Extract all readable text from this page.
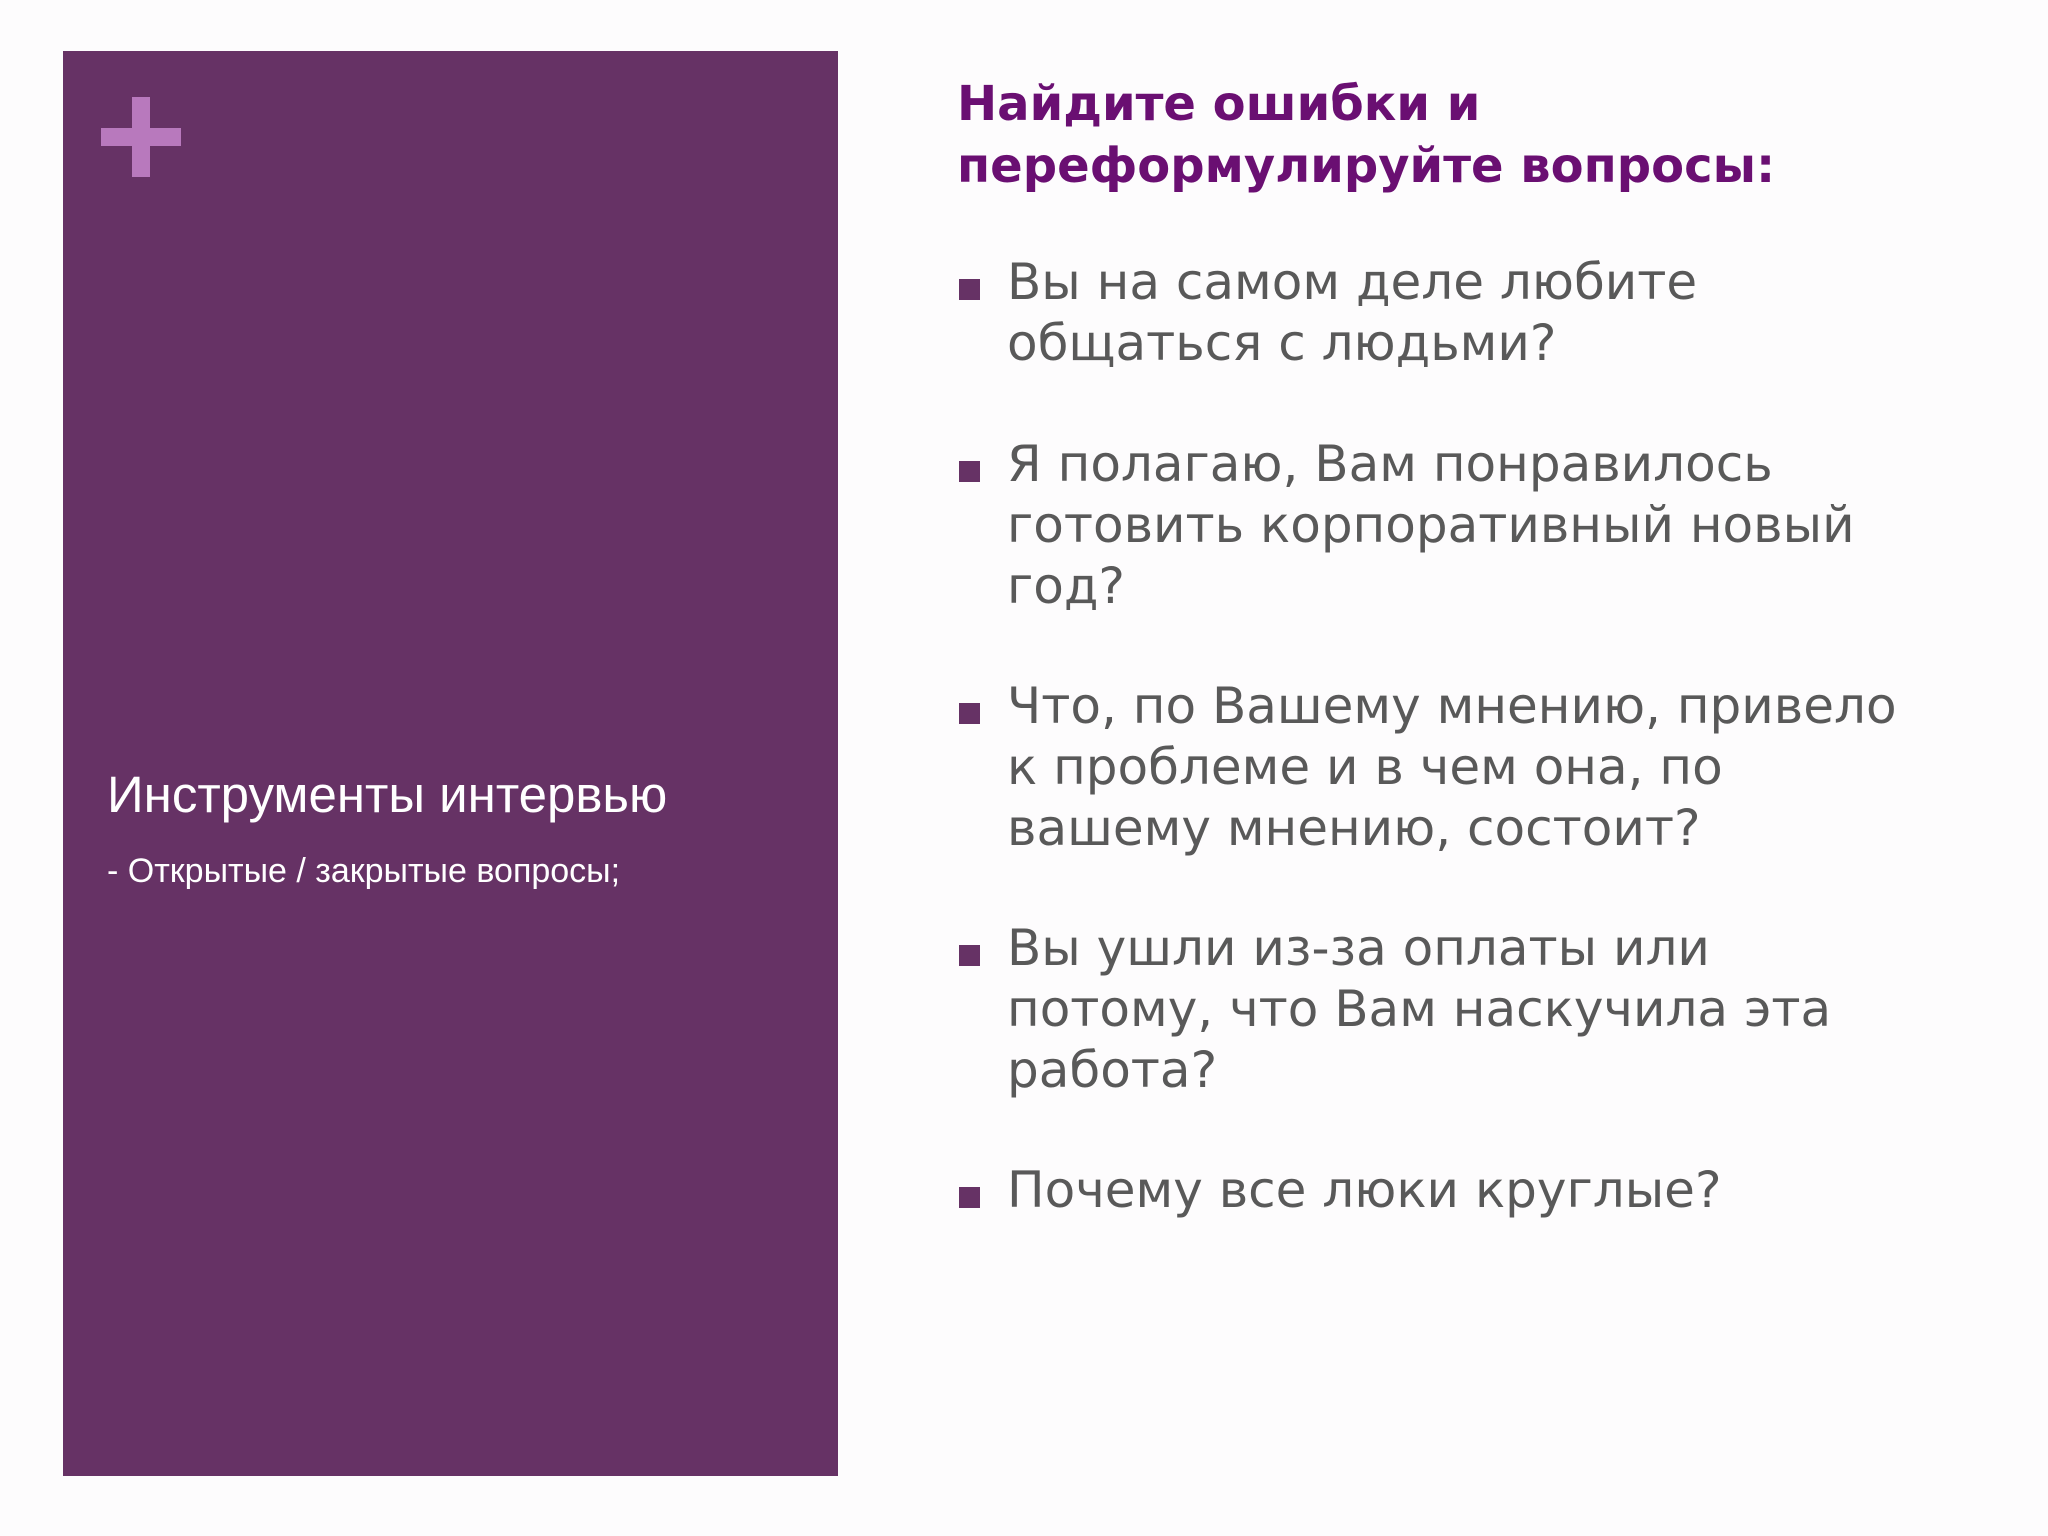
Инструменты интервью
- Открытые / закрытые вопросы;
Найдите ошибки и
переформулируйте вопросы:
Вы на самом деле любите
общаться с людьми?
Я полагаю, Вам понравилось
готовить корпоративный новый
год?
Что, по Вашему мнению, привело
к проблеме и в чем она, по
вашему мнению, состоит?
Вы ушли из-за оплаты или
потому, что Вам наскучила эта
работа?
Почему все люки круглые?
